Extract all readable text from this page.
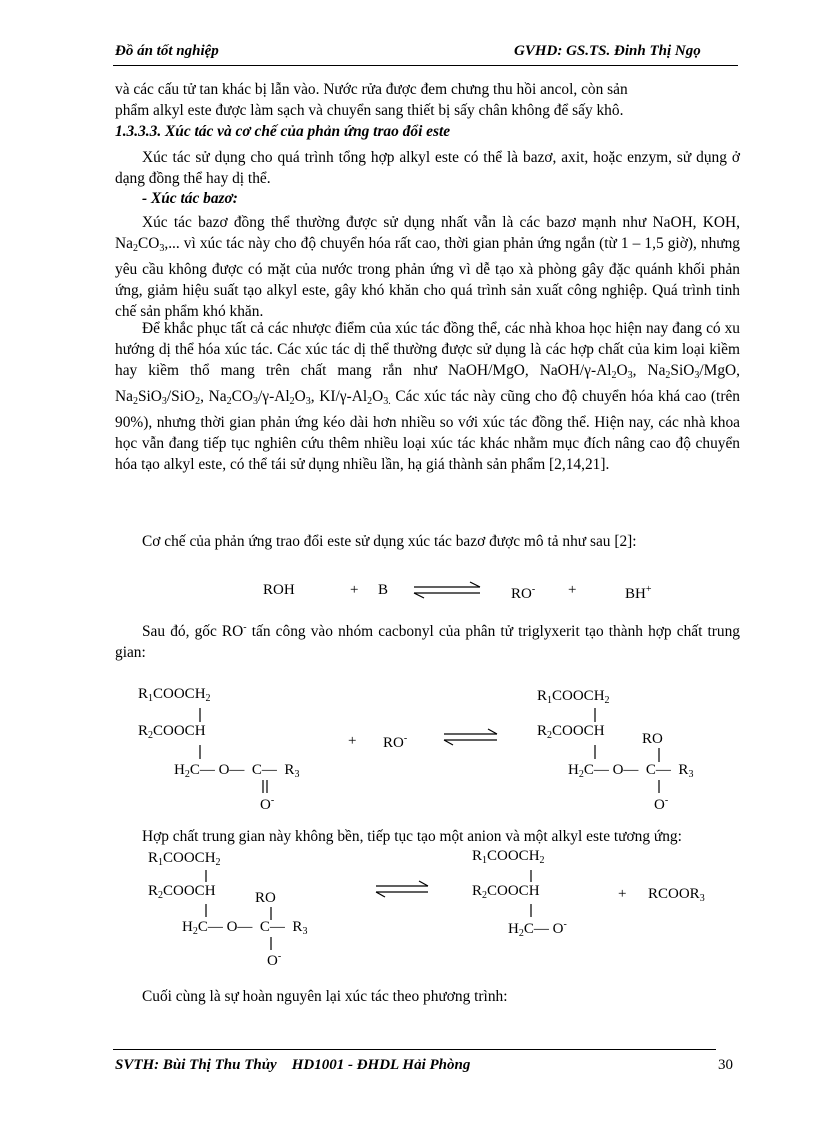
Đồ án tốt nghiệp	GVHD: GS.TS. Đinh Thị Ngọ
và các cấu tử tan khác bị lẫn vào. Nước rửa được đem chưng thu hồi ancol, còn sản
phẩm alkyl este được làm sạch và chuyển sang thiết bị sấy chân không để sấy khô.
1.3.3.3. Xúc tác và cơ chế của phản ứng trao đổi este
Xúc tác sử dụng cho quá trình tổng hợp alkyl este có thể là bazơ, axit, hoặc enzym, sử dụng ở dạng đồng thể hay dị thể.
- Xúc tác bazơ:
Xúc tác bazơ đồng thể thường được sử dụng nhất vẫn là các bazơ mạnh như NaOH, KOH, $Na_2CO_3$,... vì xúc tác này cho độ chuyển hóa rất cao, thời gian phản ứng ngắn (từ 1 – 1,5 giờ), nhưng yêu cầu không được có mặt của nước trong phản ứng vì dễ tạo xà phòng gây đặc quánh khối phản ứng, giảm hiệu suất tạo alkyl este, gây khó khăn cho quá trình sản xuất công nghiệp. Quá trình tinh chế sản phẩm khó khăn.
Để khắc phục tất cả các nhược điểm của xúc tác đồng thể, các nhà khoa học hiện nay đang có xu hướng dị thể hóa xúc tác. Các xúc tác dị thể thường được sử dụng là các hợp chất của kim loại kiềm hay kiềm thổ mang trên chất mang rắn như NaOH/MgO, NaOH/$\gamma-Al_2O_3$, $Na_2SiO_3$/MgO, $Na_2SiO_3/SiO_2$, $Na_2CO_3/\gamma-Al_2O_3$, $KI/\gamma-Al_2O_{3.}$ Các xúc tác này cũng cho độ chuyển hóa khá cao (trên 90%), nhưng thời gian phản ứng kéo dài hơn nhiều so với xúc tác đồng thể. Hiện nay, các nhà khoa học vẫn đang tiếp tục nghiên cứu thêm nhiều loại xúc tác khác nhằm mục đích nâng cao độ chuyển hóa tạo alkyl este, có thể tái sử dụng nhiều lần, hạ giá thành sản phẩm [2,14,21].
Cơ chế của phản ứng trao đổi este sử dụng xúc tác bazơ được mô tả như sau [2]:
ROH	+ B	RO- +	BH+
Sau đó, gốc RO- tấn công vào nhóm cacbonyl của phân tử triglyxerit tạo thành hợp chất trung gian:
$R_1COOCH_2$
$R_2COOCH$
$H_2C—$ O—  C—  $R_3$
O-
+ RO-
$R_1COOCH_2$
$R_2COOCH$ RO
$H_2C—$ O—  C—  $R_3$
O-
Hợp chất trung gian này không bền, tiếp tục tạo một anion và một alkyl este tương ứng:
$R_1COOCH_2$
$R_2COOCH$	RO
$H_2C—$ O—  C—  $R_3$
O-
$R_1COOCH_2$
$R_2COOCH$
$H_2C—$ O-
+ $RCOOR_3$
Cuối cùng là sự hoàn nguyên lại xúc tác theo phương trình:
SVTH: Bùi Thị Thu Thủy    HD1001 - ĐHDL Hải Phòng	30
